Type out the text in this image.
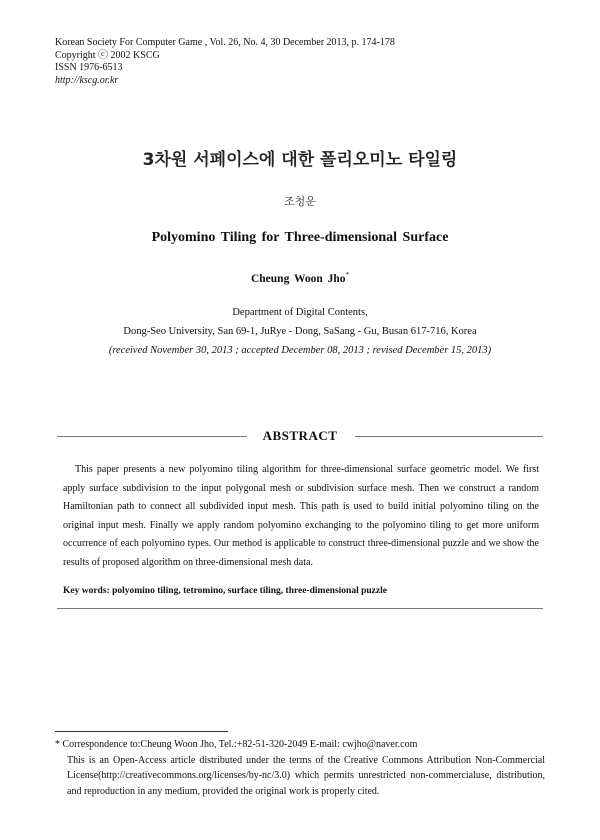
Korean Society For Computer Game , Vol. 26, No. 4, 30 December 2013, p. 174-178
Copyright ⓒ 2002 KSCG
ISSN 1976-6513
http://kscg.or.kr
3차원 서페이스에 대한 폴리오미노 타일링
조청운
Polyomino Tiling for Three-dimensional Surface
Cheung Woon Jho*
Department of Digital Contents,
Dong-Seo University, San 69-1, JuRye - Dong, SaSang - Gu, Busan 617-716, Korea
(received November 30, 2013 ; accepted December 08, 2013 ; revised December 15, 2013)
ABSTRACT
This paper presents a new polyomino tiling algorithm for three-dimensional surface geometric model. We first apply surface subdivision to the input polygonal mesh or subdivision surface mesh. Then we construct a random Hamiltonian path to connect all subdivided input mesh. This path is used to build initial polyomino tiling on the original input mesh. Finally we apply random polyomino exchanging to the polyomino tiling to get more uniform occurrence of each polyomino types. Our method is applicable to construct three-dimensional puzzle and we show the results of proposed algorithm on three-dimensional mesh data.
Key words: polyomino tiling, tetromino, surface tiling, three-dimensional puzzle
* Correspondence to:Cheung Woon Jho, Tel.:+82-51-320-2049 E-mail: cwjho@naver.com
This is an Open-Access article distributed under the terms of the Creative Commons Attribution Non-Commercial License(http://creativecommons.org/licenses/by-nc/3.0) which permits unrestricted non-commercialuse, distribution, and reproduction in any medium, provided the original work is properly cited.
